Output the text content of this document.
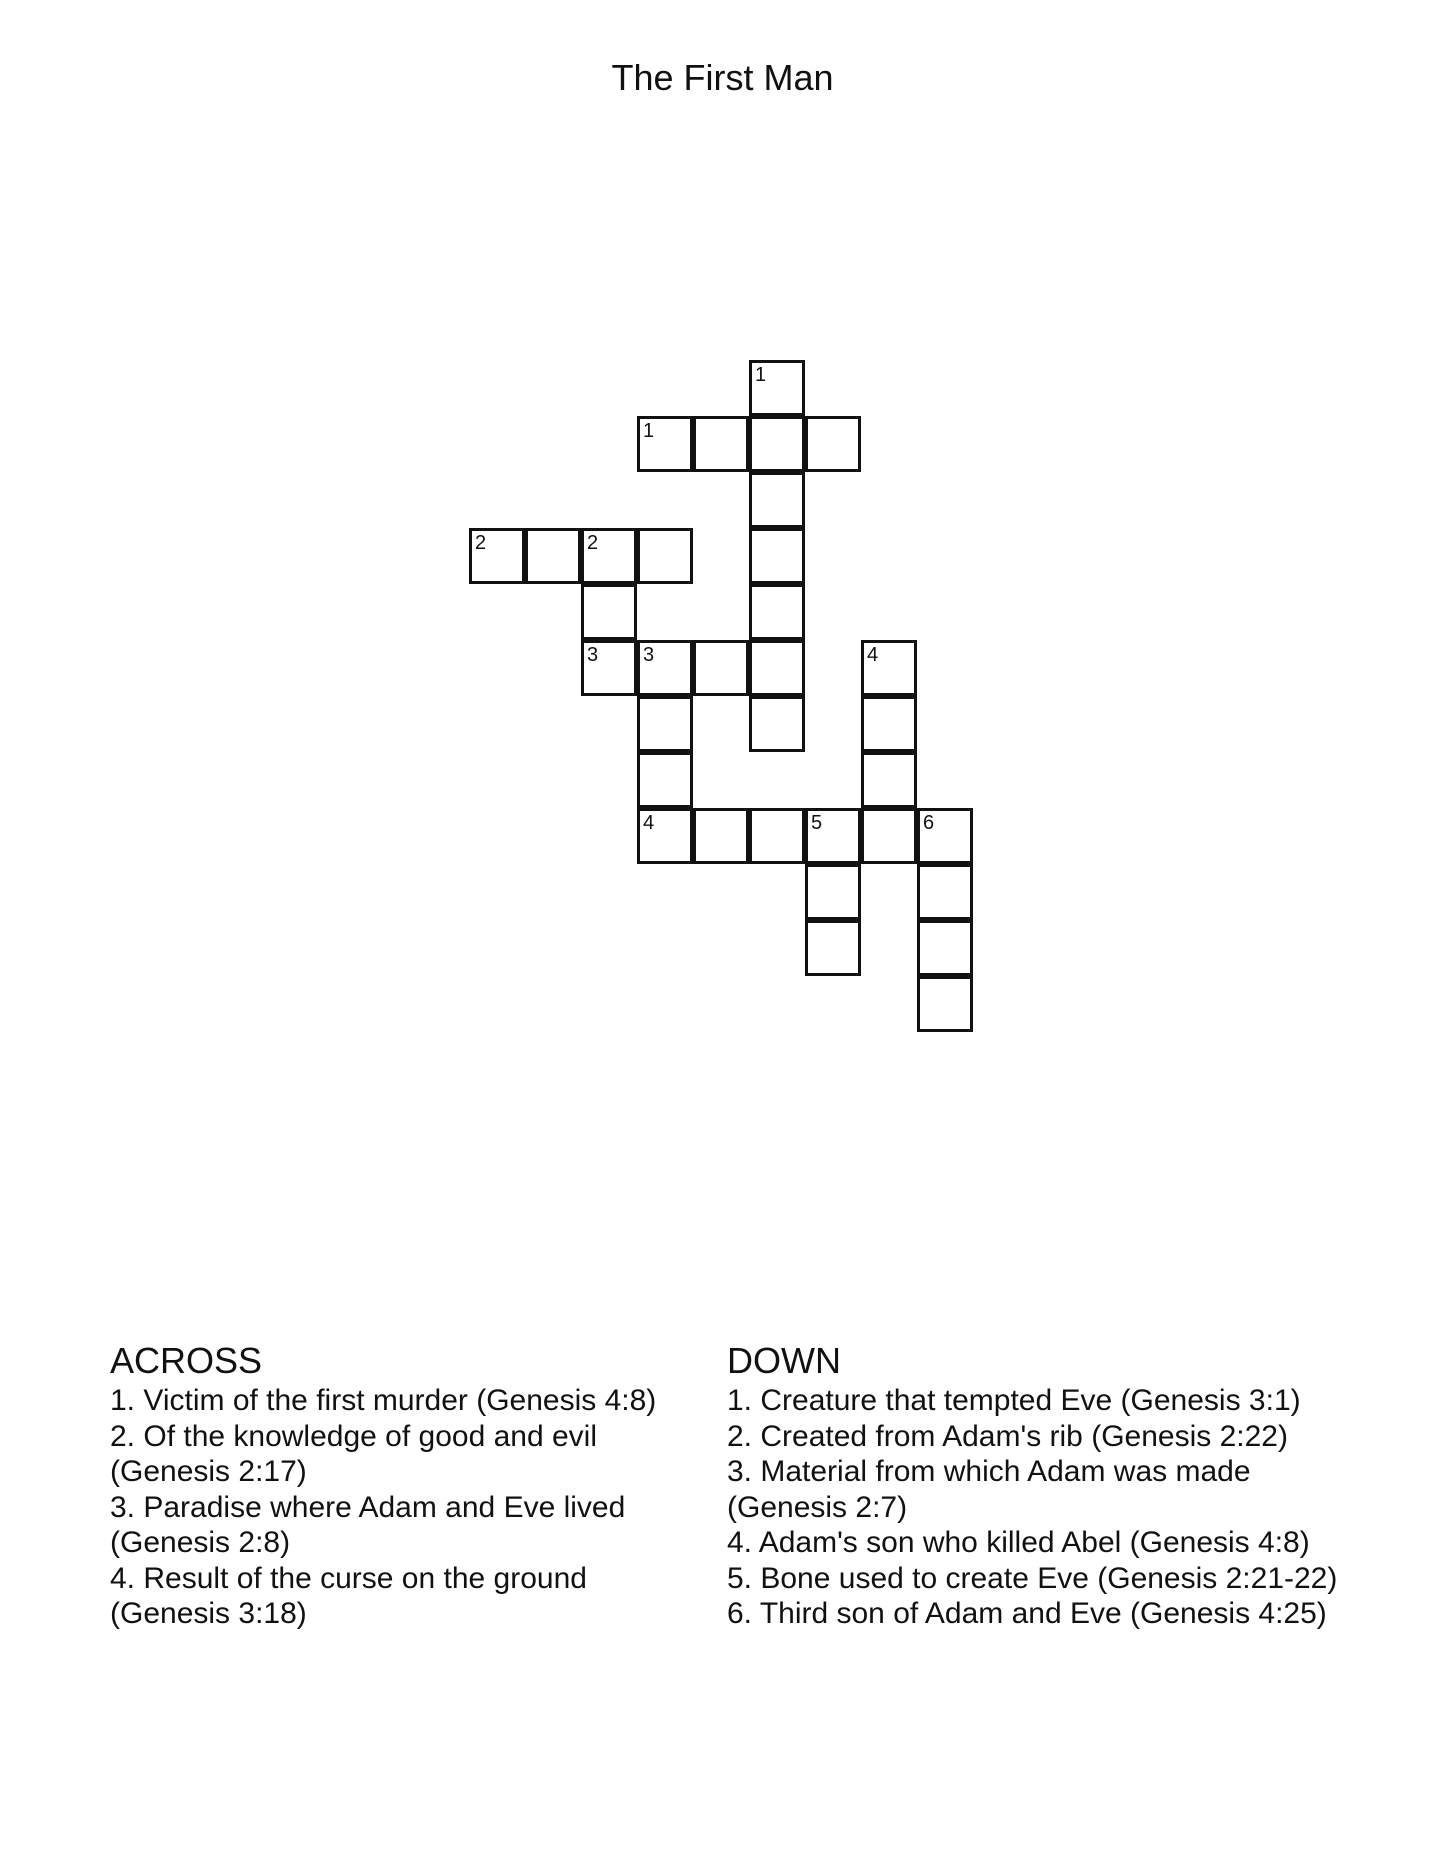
The First Man
1
1
2	2
3 3	4
4	5	6
ACROSS

1. Victim of the first murder (Genesis 4:8)

2. Of the knowledge of good and evil (Genesis 2:17)

3. Paradise where Adam and Eve lived (Genesis 2:8)

4. Result of the curse on the ground (Genesis 3:18)

DOWN

1. Creature that tempted Eve (Genesis 3:1)

2. Created from Adam's rib (Genesis 2:22)

3. Material from which Adam was made (Genesis 2:7)

4. Adam's son who killed Abel (Genesis 4:8)

5. Bone used to create Eve (Genesis 2:21-22)

6. Third son of Adam and Eve (Genesis 4:25)
